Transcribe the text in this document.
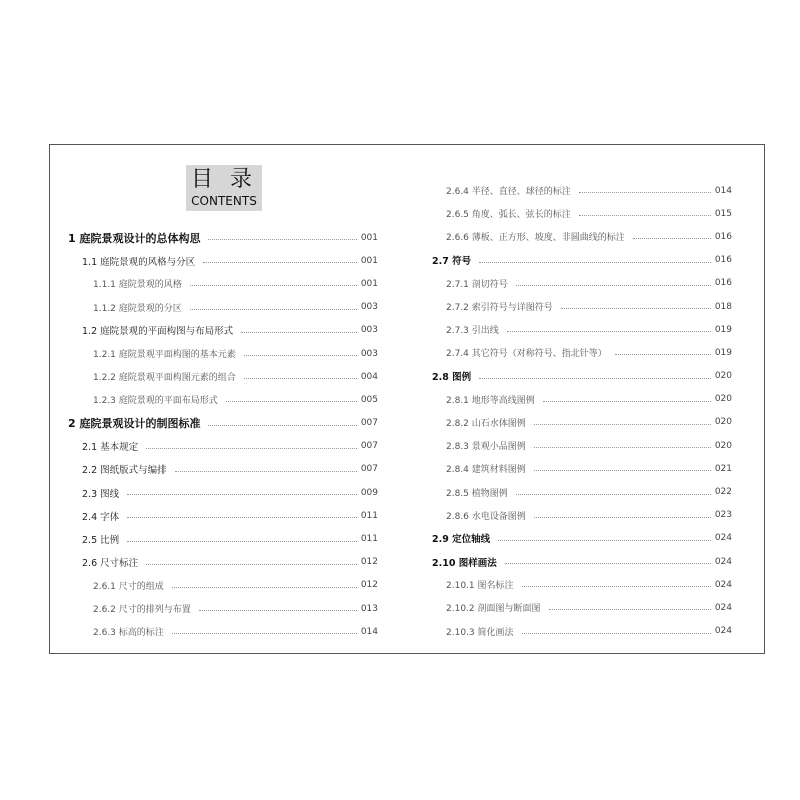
目 录
CONTENTS
1 庭院景观设计的总体构思	001
1.1 庭院景观的风格与分区	001
1.1.1 庭院景观的风格	001
1.1.2 庭院景观的分区	003
1.2 庭院景观的平面构图与布局形式	003
1.2.1 庭院景观平面构图的基本元素	003
1.2.2 庭院景观平面构图元素的组合	004
1.2.3 庭院景观的平面布局形式	005
2 庭院景观设计的制图标准	007
2.1 基本规定	007
2.2 图纸版式与编排	007
2.3 图线	009
2.4 字体	011
2.5 比例	011
2.6 尺寸标注	012
2.6.1 尺寸的组成	012
2.6.2 尺寸的排列与布置	013
2.6.3 标高的标注	014
2.6.4 半径、直径、球径的标注	014
2.6.5 角度、弧长、弦长的标注	015
2.6.6 薄板、正方形、坡度、非圆曲线的标注	016
2.7 符号	016
2.7.1 剖切符号	016
2.7.2 索引符号与详图符号	018
2.7.3 引出线	019
2.7.4 其它符号（对称符号、指北针等）	019
2.8 图例	020
2.8.1 地形等高线图例	020
2.8.2 山石水体图例	020
2.8.3 景观小品图例	020
2.8.4 建筑材料图例	021
2.8.5 植物图例	022
2.8.6 水电设备图例	023
2.9 定位轴线	024
2.10 图样画法	024
2.10.1 图名标注	024
2.10.2 剖面图与断面图	024
2.10.3 简化画法	024
